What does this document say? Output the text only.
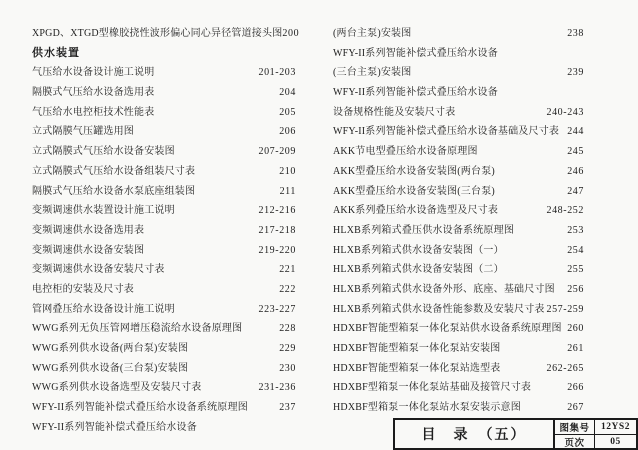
XPGD、XTGD型橡胶挠性波形偏心同心异径管道接头图 200
供水装置
气压给水设备设计施工说明	201-203
隔膜式气压给水设备选用表	204
气压给水电控柜技术性能表	205
立式隔膜气压罐选用图	206
立式隔膜式气压给水设备安装图	207-209
立式隔膜式气压给水设备组装尺寸表	210
隔膜式气压给水设备水泵底座组装图	211
变频调速供水装置设计施工说明	212-216
变频调速供水设备选用表	217-218
变频调速供水设备安装图	219-220
变频调速供水设备安装尺寸表	221
电控柜的安装及尺寸表	222
管网叠压给水设备设计施工说明	223-227
WWG系列无负压管网增压稳流给水设备原理图	228
WWG系列供水设备(两台泵)安装图	229
WWG系列供水设备(三台泵)安装图	230
WWG系列供水设备选型及安装尺寸表	231-236
WFY-II系列智能补偿式叠压给水设备系统原理图	237
WFY-II系列智能补偿式叠压给水设备
(两台主泵)安装图	238
WFY-II系列智能补偿式叠压给水设备
(三台主泵)安装图	239
WFY-II系列智能补偿式叠压给水设备
设备规格性能及安装尺寸表	240-243
WFY-II系列智能补偿式叠压给水设备基础及尺寸表 244
AKK节电型叠压给水设备原理图	245
AKK型叠压给水设备安装图(两台泵)	246
AKK型叠压给水设备安装图(三台泵)	247
AKK系列叠压给水设备选型及尺寸表	248-252
HLXB系列箱式叠压供水设备系统原理图	253
HLXB系列箱式供水设备安装图（一）	254
HLXB系列箱式供水设备安装图（二）	255
HLXB系列箱式供水设备外形、底座、基础尺寸图 256
HLXB系列箱式供水设备性能参数及安装尺寸表 257-259
HDXBF智能型箱泵一体化泵站供水设备系统原理图 260
HDXBF智能型箱泵一体化泵站安装图	261
HDXBF智能型箱泵一体化泵站选型表	262-265
HDXBF型箱泵一体化泵站基础及接管尺寸表	266
HDXBF型箱泵一体化泵站水泵安装示意图	267
目　录　（五）	图集号	12YS2
页次	05
